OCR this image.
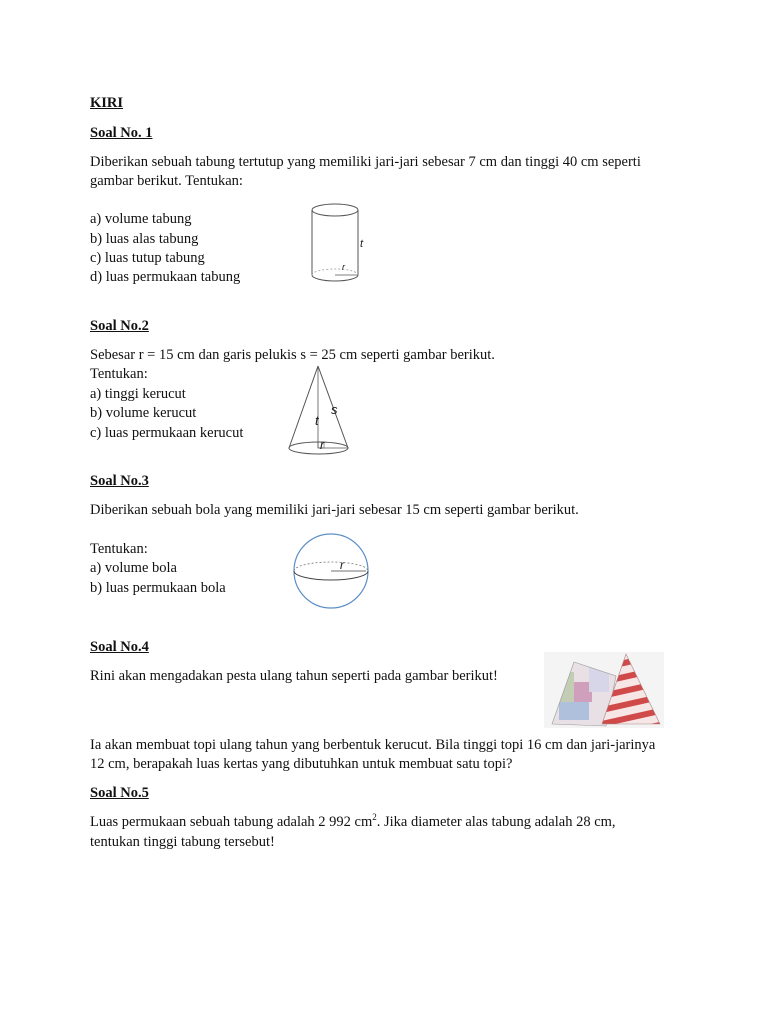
KIRI
Soal No. 1
Diberikan sebuah tabung tertutup yang memiliki jari-jari sebesar 7 cm dan tinggi 40 cm seperti
gambar berikut. Tentukan:
a) volume tabung
b) luas alas tabung
c) luas tutup tabung
d) luas permukaan tabung
t
r
Soal No.2
Sebesar r = 15 cm dan garis pelukis s = 25 cm seperti gambar berikut.
Tentukan:
a) tinggi kerucut
b) volume kerucut
c) luas permukaan kerucut
s
t
r
Soal No.3
Diberikan sebuah bola yang memiliki jari-jari sebesar 15 cm seperti gambar berikut.
Tentukan:
a) volume bola
b) luas permukaan bola
r
Soal No.4
Rini akan mengadakan pesta ulang tahun seperti pada gambar berikut!
Ia akan membuat topi ulang tahun yang berbentuk kerucut. Bila tinggi topi 16 cm dan jari-jarinya
12 cm, berapakah luas kertas yang dibutuhkan untuk membuat satu topi?
Soal No.5
Luas permukaan sebuah tabung adalah 2 992 $cm^2$. Jika diameter alas tabung adalah 28 cm,
tentukan tinggi tabung tersebut!
